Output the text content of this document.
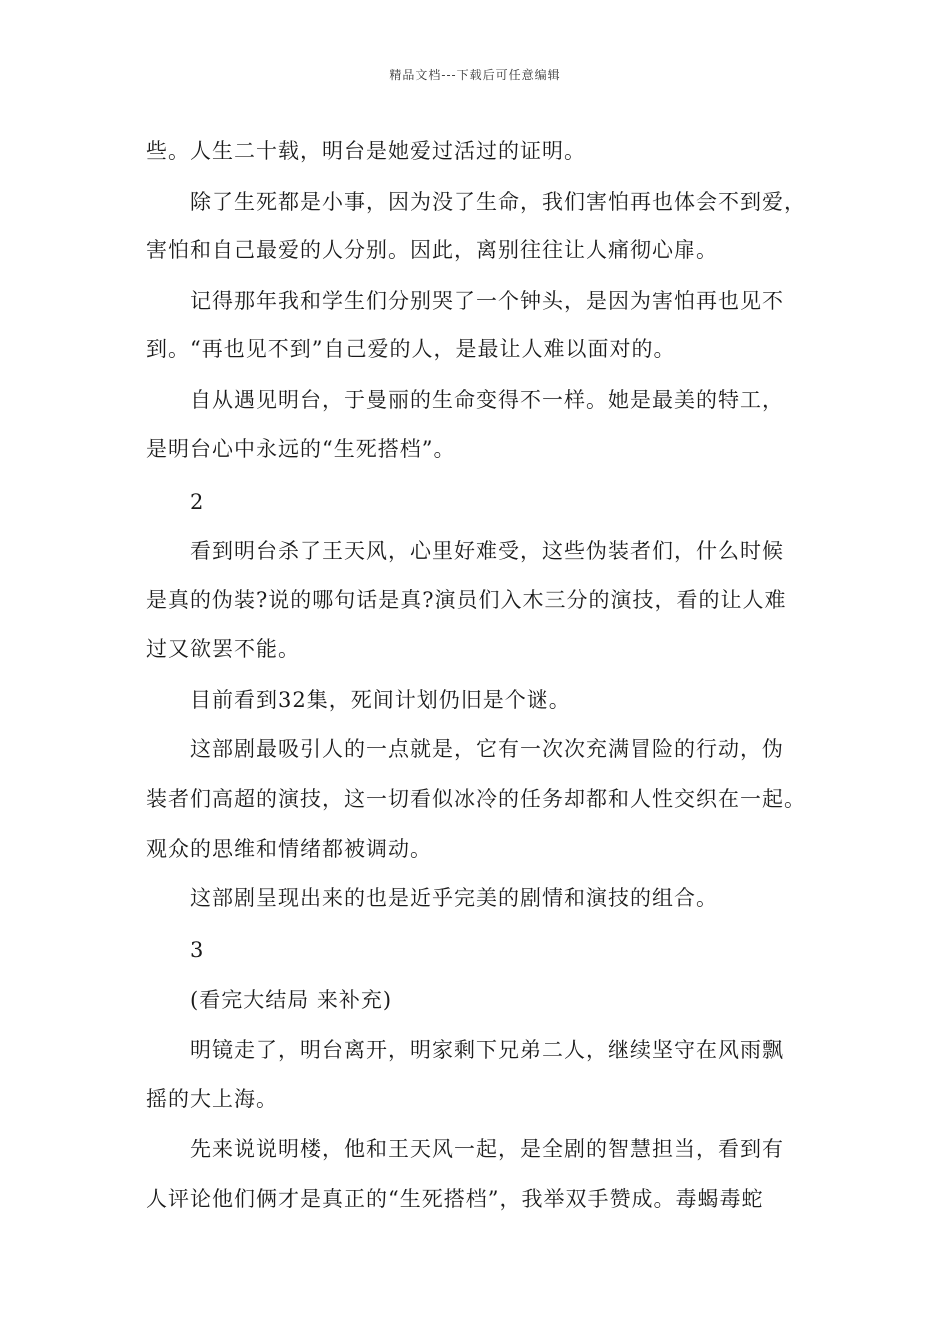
精品文档---下载后可任意编辑
些。人生二十载，明台是她爱过活过的证明。
除了生死都是小事，因为没了生命，我们害怕再也体会不到爱，
害怕和自己最爱的人分别。因此，离别往往让人痛彻心扉。
记得那年我和学生们分别哭了一个钟头，是因为害怕再也见不
到。“再也见不到”自己爱的人，是最让人难以面对的。
自从遇见明台，于曼丽的生命变得不一样。她是最美的特工，
是明台心中永远的“生死搭档”。
2
看到明台杀了王天风，心里好难受，这些伪装者们，什么时候
是真的伪装?说的哪句话是真?演员们入木三分的演技，看的让人难
过又欲罢不能。
目前看到32集，死间计划仍旧是个谜。
这部剧最吸引人的一点就是，它有一次次充满冒险的行动，伪
装者们高超的演技，这一切看似冰冷的任务却都和人性交织在一起。
观众的思维和情绪都被调动。
这部剧呈现出来的也是近乎完美的剧情和演技的组合。
3
(看完大结局 来补充)
明镜走了，明台离开，明家剩下兄弟二人，继续坚守在风雨飘
摇的大上海。
先来说说明楼，他和王天风一起，是全剧的智慧担当，看到有
人评论他们俩才是真正的“生死搭档”，我举双手赞成。毒蝎毒蛇
